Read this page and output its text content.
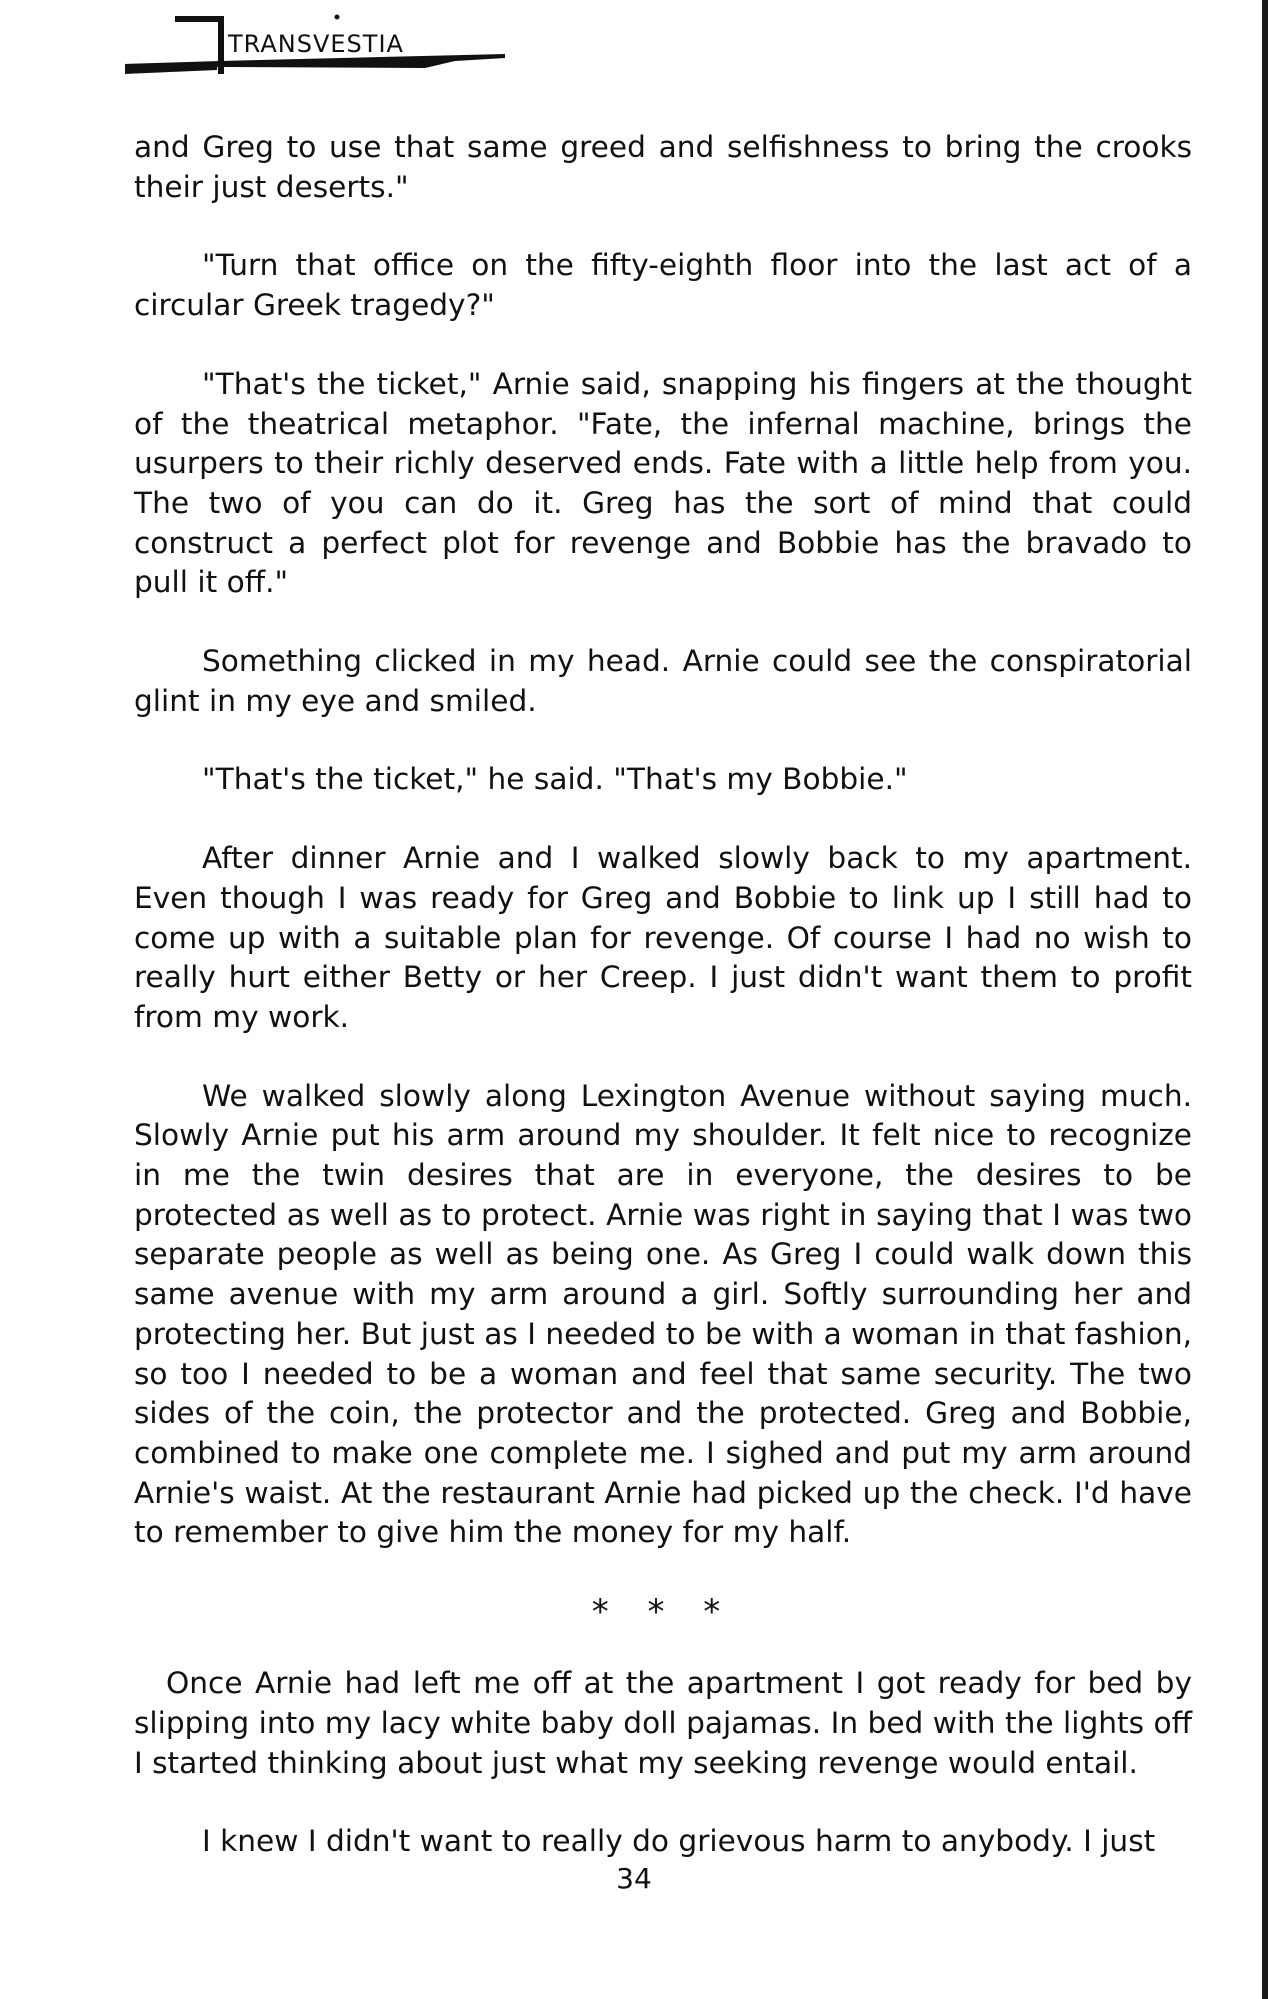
TRANSVESTIA

and Greg to use that same greed and selfishness to bring the crooks their just deserts."

"Turn that office on the fifty-eighth floor into the last act of a circular Greek tragedy?"

"That's the ticket," Arnie said, snapping his fingers at the thought of the theatrical metaphor. "Fate, the infernal machine, brings the usurpers to their richly deserved ends. Fate with a little help from you. The two of you can do it. Greg has the sort of mind that could construct a perfect plot for revenge and Bobbie has the bravado to pull it off."

Something clicked in my head. Arnie could see the conspiratorial glint in my eye and smiled.

"That's the ticket," he said. "That's my Bobbie."

After dinner Arnie and I walked slowly back to my apartment. Even though I was ready for Greg and Bobbie to link up I still had to come up with a suitable plan for revenge. Of course I had no wish to really hurt either Betty or her Creep. I just didn't want them to profit from my work.

We walked slowly along Lexington Avenue without saying much. Slowly Arnie put his arm around my shoulder. It felt nice to recognize in me the twin desires that are in everyone, the desires to be protected as well as to protect. Arnie was right in saying that I was two separate people as well as being one. As Greg I could walk down this same avenue with my arm around a girl. Softly surrounding her and protecting her. But just as I needed to be with a woman in that fashion, so too I needed to be a woman and feel that same security. The two sides of the coin, the protector and the protected. Greg and Bobbie, combined to make one complete me. I sighed and put my arm around Arnie's waist. At the restaurant Arnie had picked up the check. I'd have to remember to give him the money for my half.

* * *

Once Arnie had left me off at the apartment I got ready for bed by slipping into my lacy white baby doll pajamas. In bed with the lights off I started thinking about just what my seeking revenge would entail.

I knew I didn't want to really do grievous harm to anybody. I just

34
